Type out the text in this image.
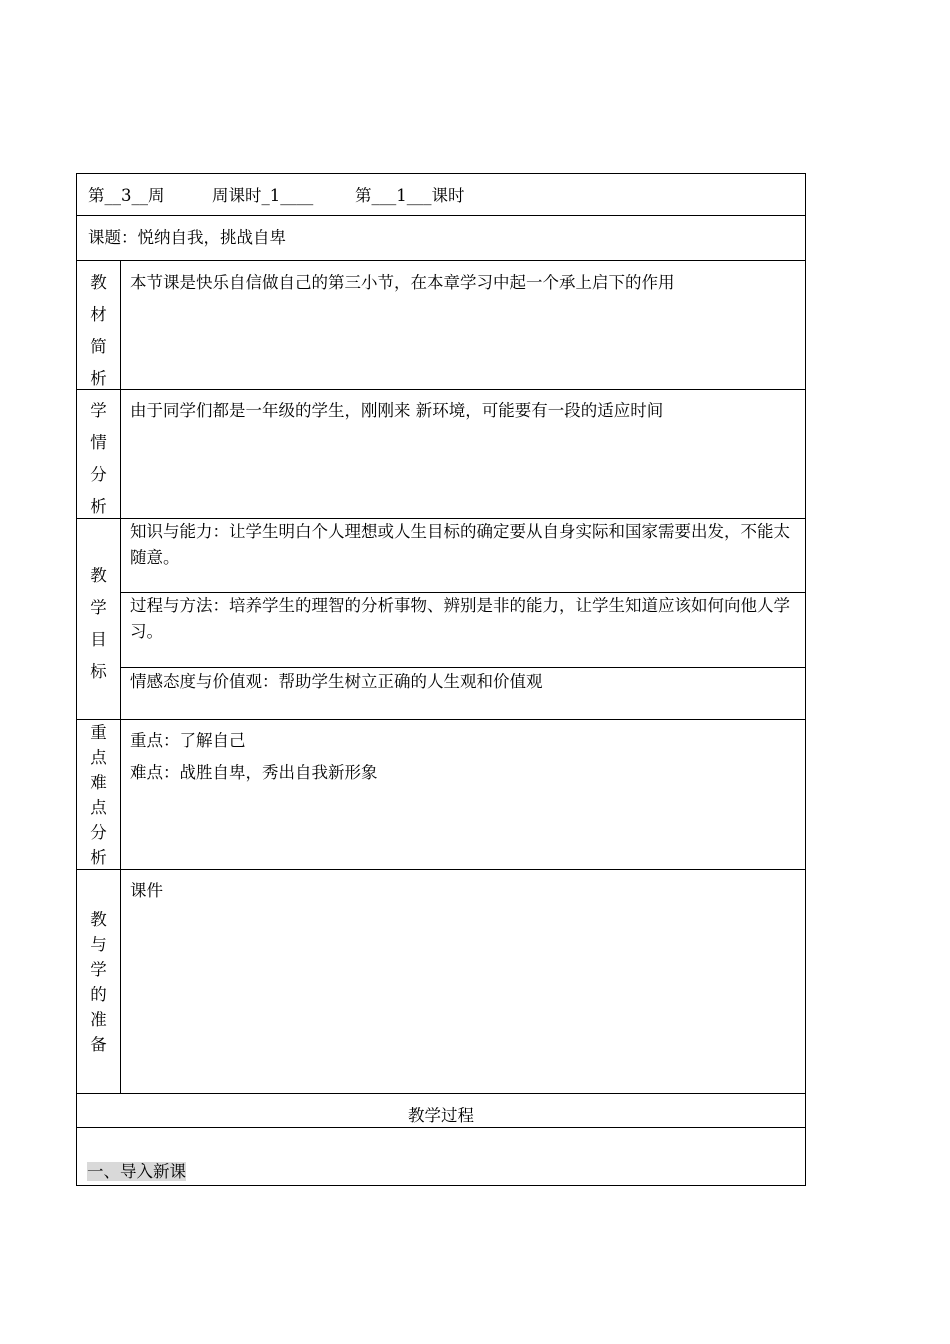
第__3__周	周课时_1____	第___1___课时
课题：悦纳自我，挑战自卑
教材简析
本节课是快乐自信做自己的第三小节，在本章学习中起一个承上启下的作用
学情分析
由于同学们都是一年级的学生，刚刚来 新环境，可能要有一段的适应时间
教学目标
知识与能力：让学生明白个人理想或人生目标的确定要从自身实际和国家需要出发，不能太随意。
过程与方法：培养学生的理智的分析事物、辨别是非的能力，让学生知道应该如何向他人学习。
情感态度与价值观：帮助学生树立正确的人生观和价值观
重点难点分析
重点：了解自己
难点：战胜自卑，秀出自我新形象
教与学的准备
课件
教学过程
一、导入新课
